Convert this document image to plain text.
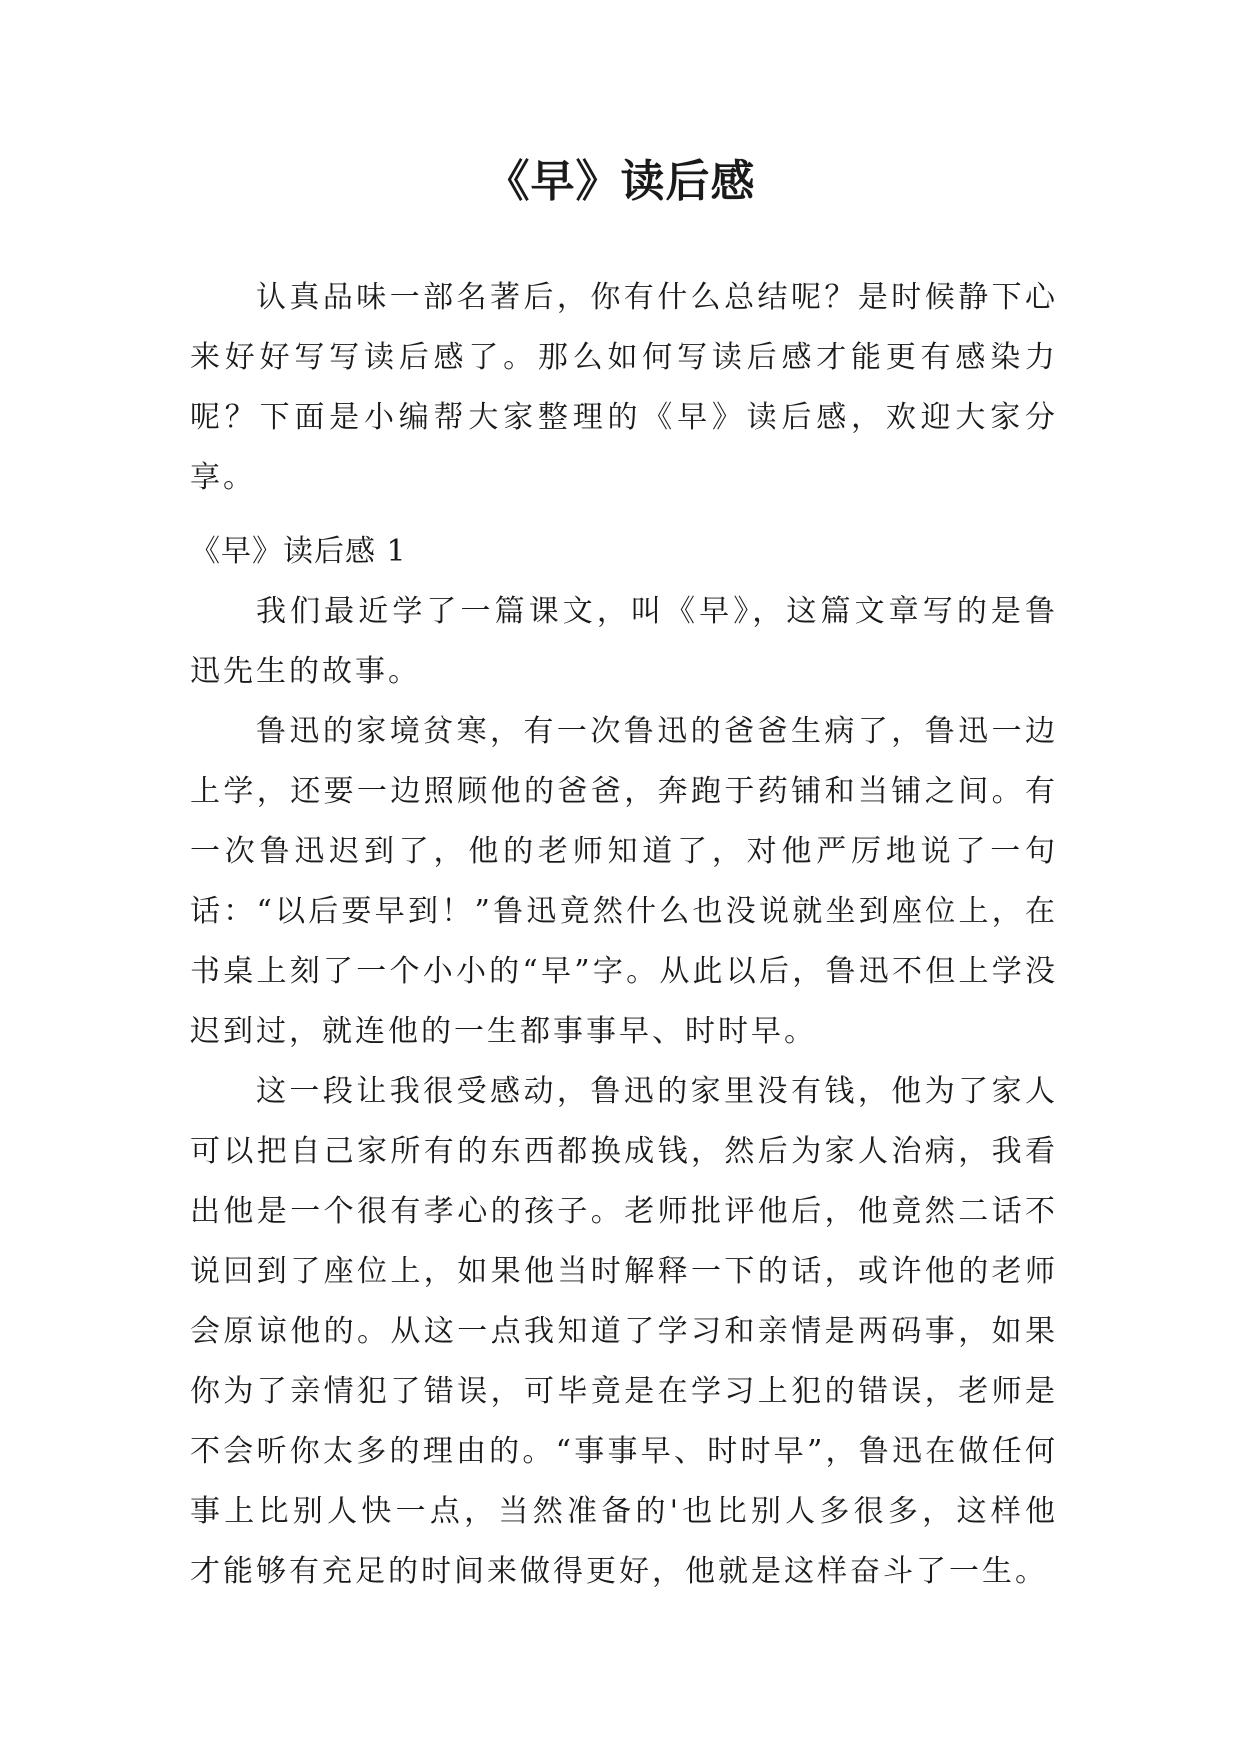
《早》读后感

认真品味一部名著后，你有什么总结呢？是时候静下心来好好写写读后感了。那么如何写读后感才能更有感染力呢？下面是小编帮大家整理的《早》读后感，欢迎大家分享。

《早》读后感 1

我们最近学了一篇课文，叫《早》，这篇文章写的是鲁迅先生的故事。

鲁迅的家境贫寒，有一次鲁迅的爸爸生病了，鲁迅一边上学，还要一边照顾他的爸爸，奔跑于药铺和当铺之间。有一次鲁迅迟到了，他的老师知道了，对他严厉地说了一句话：“以后要早到！”鲁迅竟然什么也没说就坐到座位上，在书桌上刻了一个小小的“早”字。从此以后，鲁迅不但上学没迟到过，就连他的一生都事事早、时时早。

这一段让我很受感动，鲁迅的家里没有钱，他为了家人可以把自己家所有的东西都换成钱，然后为家人治病，我看出他是一个很有孝心的孩子。老师批评他后，他竟然二话不说回到了座位上，如果他当时解释一下的话，或许他的老师会原谅他的。从这一点我知道了学习和亲情是两码事，如果你为了亲情犯了错误，可毕竟是在学习上犯的错误，老师是不会听你太多的理由的。“事事早、时时早”，鲁迅在做任何事上比别人快一点，当然准备的'也比别人多很多，这样他才能够有充足的时间来做得更好，他就是这样奋斗了一生。
